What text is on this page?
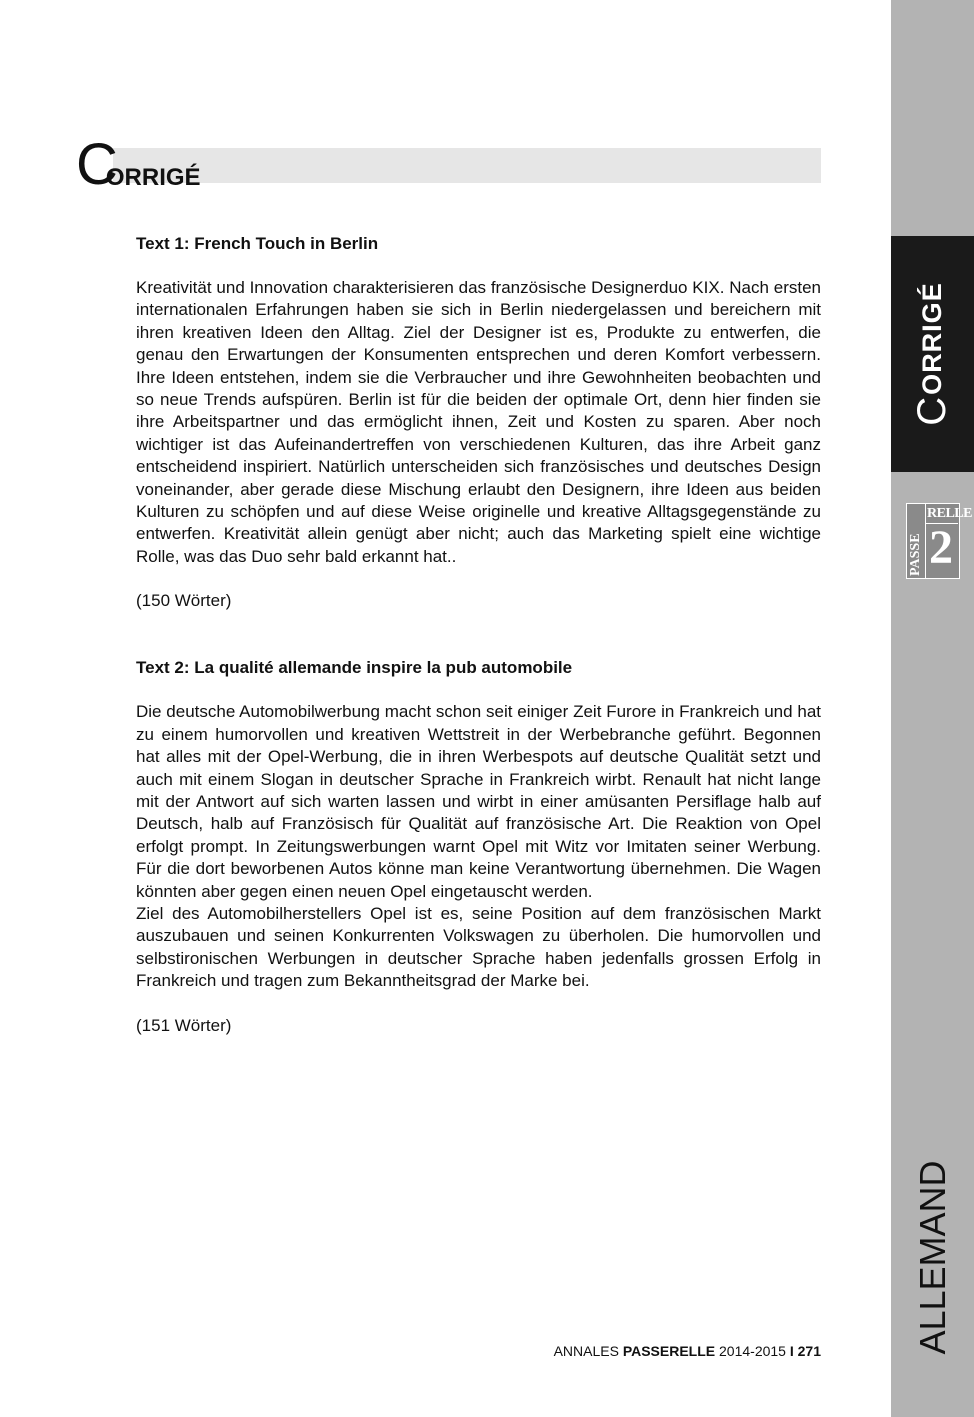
C
ORRIGÉ
RELLE
PASSE 2
ALLEMAND
C
ORRIGÉ
Text 1: French Touch in Berlin

Kreativität und Innovation charakterisieren das französische Designerduo KIX. Nach ersten internationalen Erfahrungen haben sie sich in Berlin niedergelassen und bereichern mit ihren kreativen Ideen den Alltag. Ziel der Designer ist es, Produkte zu entwerfen, die genau den Erwartungen der Konsumenten entsprechen und deren Komfort verbessern. Ihre Ideen entstehen, indem sie die Verbraucher und ihre Gewohnheiten beobachten und so neue Trends aufspüren. Berlin ist für die beiden der optimale Ort, denn hier finden sie ihre Arbeitspartner und das ermöglicht ihnen, Zeit und Kosten zu sparen. Aber noch wichtiger ist das Aufeinandertreffen von verschiedenen Kulturen, das ihre Arbeit ganz entscheidend inspiriert. Natürlich unterscheiden sich französisches und deutsches Design voneinander, aber gerade diese Mischung erlaubt den Designern, ihre Ideen aus beiden Kulturen zu schöpfen und auf diese Weise originelle und kreative Alltagsgegenstände zu entwerfen. Kreativität allein genügt aber nicht; auch das Marketing spielt eine wichtige Rolle, was das Duo sehr bald erkannt hat..

(150 Wörter)

Text 2: La qualité allemande inspire la pub automobile

Die deutsche Automobilwerbung macht schon seit einiger Zeit Furore in Frankreich und hat zu einem humorvollen und kreativen Wettstreit in der Werbebranche geführt. Begonnen hat alles mit der Opel-Werbung, die in ihren Werbespots auf deutsche Qualität setzt und auch mit einem Slogan in deutscher Sprache in Frankreich wirbt. Renault hat nicht lange mit der Antwort auf sich warten lassen und wirbt in einer amüsanten Persiflage halb auf Deutsch, halb auf Französisch für Qualität auf französische Art. Die Reaktion von Opel erfolgt prompt. In Zeitungswerbungen warnt Opel mit Witz vor Imitaten seiner Werbung. Für die dort beworbenen Autos könne man keine Verantwortung übernehmen. Die Wagen könnten aber gegen einen neuen Opel eingetauscht werden.

Ziel des Automobilherstellers Opel ist es, seine Position auf dem französischen Markt auszubauen und seinen Konkurrenten Volkswagen zu überholen. Die humorvollen und selbstironischen Werbungen in deutscher Sprache haben jedenfalls grossen Erfolg in Frankreich und tragen zum Bekanntheitsgrad der Marke bei.

(151 Wörter)

ANNALES PASSERELLE 2014-2015 I 271
